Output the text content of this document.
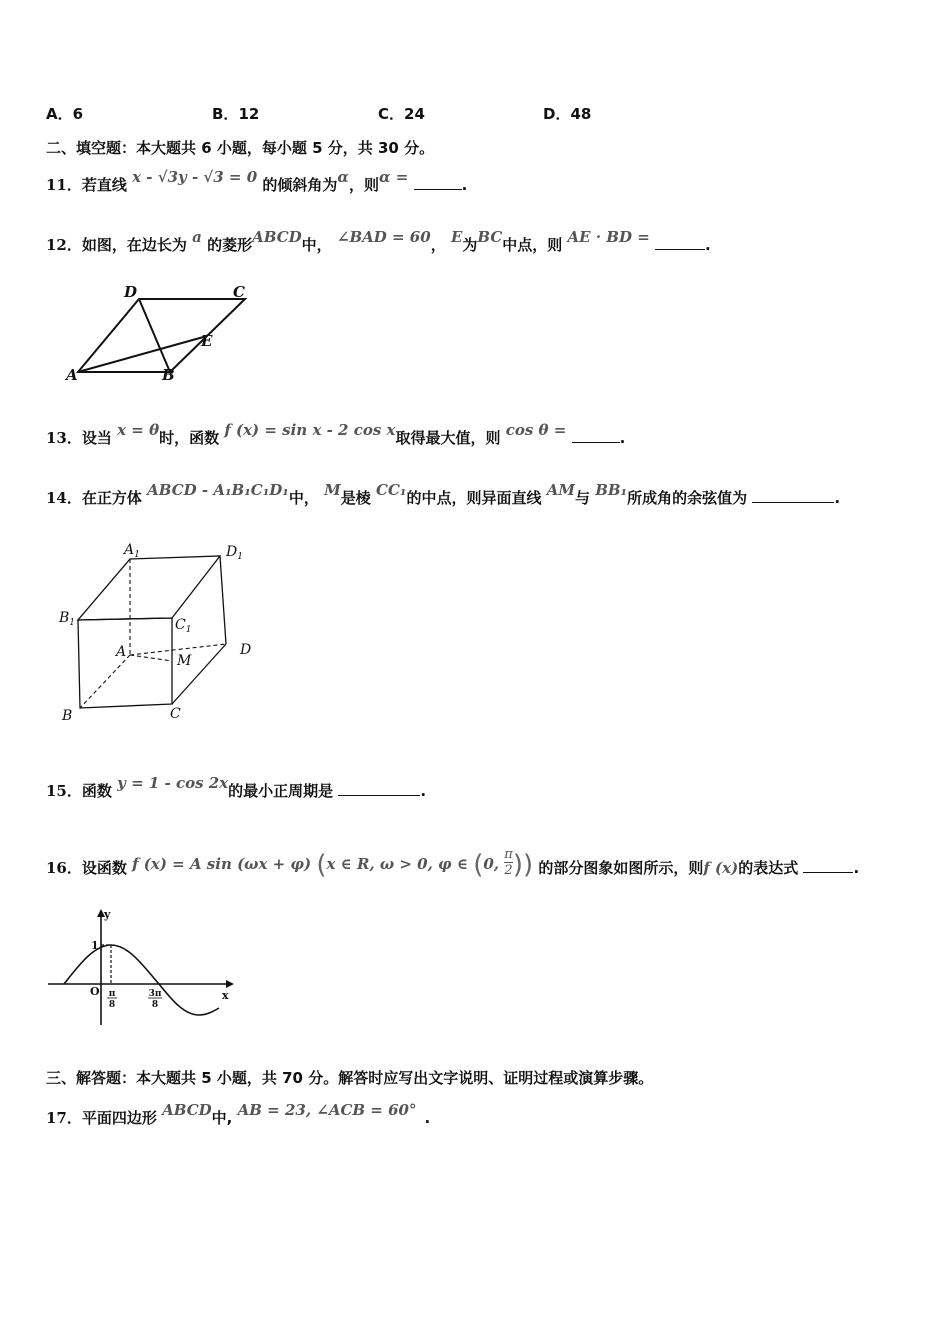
A．6	B．12	C．24	D．48
二、填空题：本大题共 6 小题，每小题 5 分，共 30 分。
11．若直线 x - √3y - √3 = 0 的倾斜角为α，则α =	.
12．如图，在边长为 a 的菱形ABCD中， ∠BAD = 60， E为BC中点，则 AE · BD =	.
D	C
A	B
E
13．设当 x = θ时，函数 f (x) = sin x - 2 cos x取得最大值，则 cos θ =	.
14．在正方体 ABCD - A₁B₁C₁D₁中， M是棱 CC₁的中点，则异面直线 AM与 BB₁所成角的余弦值为	.
$A_1$	$D_1$
$B_1$	$C_1$
A
M
D
B	C
15．函数 y = 1 - cos 2x的最小正周期是	.
16．设函数 f (x) = A sin (ωx + φ) (x ∈ R, ω > 0, φ ∈ (0, $\frac{\pi}{2}$ )) 的部分图象如图所示，则f (x)的表达式	.
y
x
1
O π
8
3π
8
三、解答题：本大题共 5 小题，共 70 分。解答时应写出文字说明、证明过程或演算步骤。
17．平面四边形 ABCD中, AB = 23, ∠ACB = 60° .
